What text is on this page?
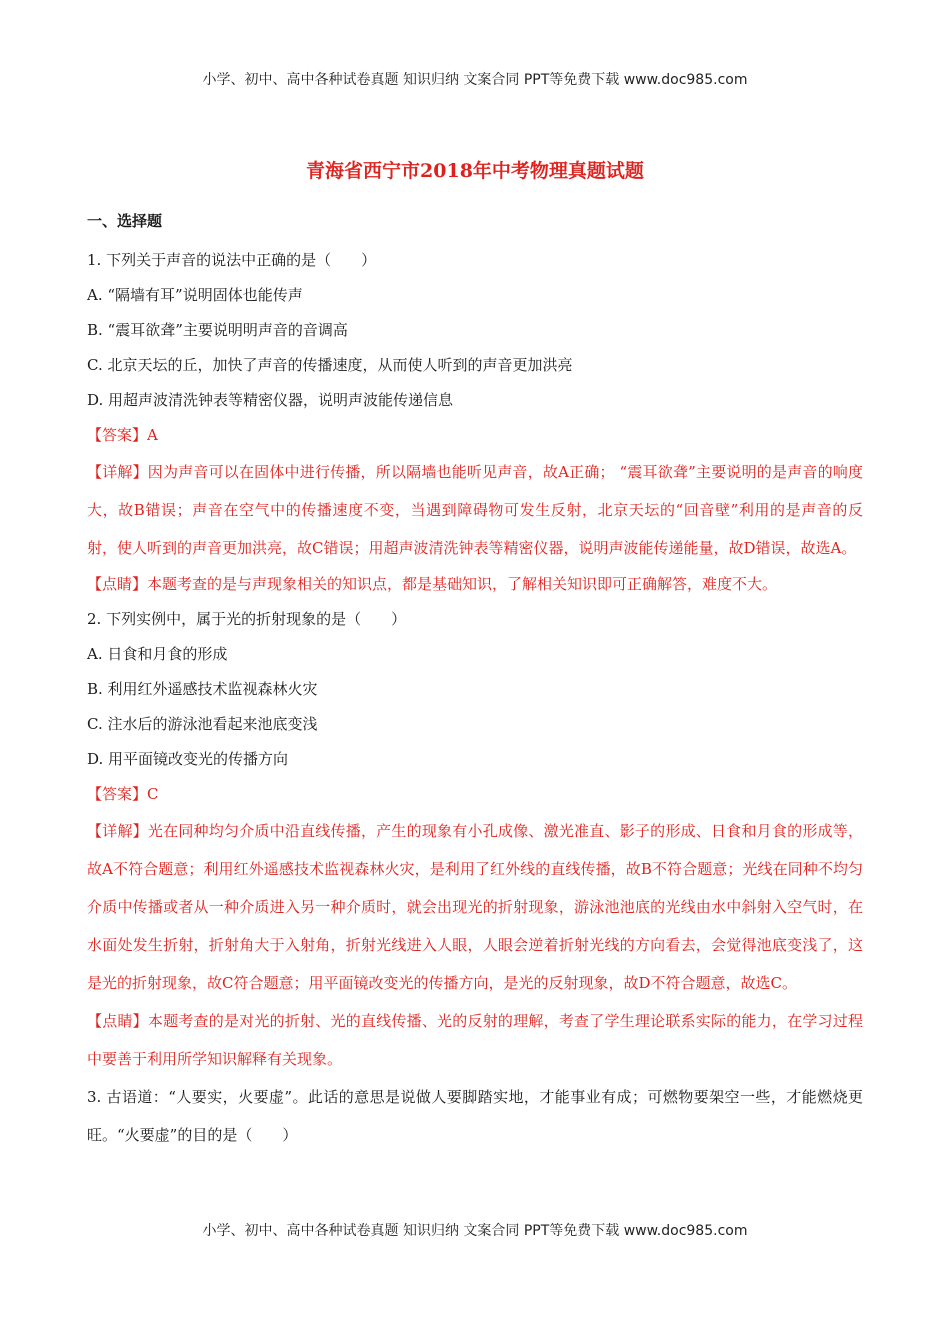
小学、初中、高中各种试卷真题 知识归纳 文案合同 PPT等免费下载 www.doc985.com
青海省西宁市2018年中考物理真题试题
一、选择题
1. 下列关于声音的说法中正确的是（　　）
A. “隔墙有耳”说明固体也能传声
B. “震耳欲聋”主要说明明声音的音调高
C. 北京天坛的丘，加快了声音的传播速度，从而使人听到的声音更加洪亮
D. 用超声波清洗钟表等精密仪器，说明声波能传递信息
【答案】A
【详解】因为声音可以在固体中进行传播，所以隔墙也能听见声音，故A正确； “震耳欲聋”主要说明的是声音的响度大，故B错误；声音在空气中的传播速度不变，当遇到障碍物可发生反射，北京天坛的“回音壁”利用的是声音的反射，使人听到的声音更加洪亮，故C错误；用超声波清洗钟表等精密仪器，说明声波能传递能量，故D错误，故选A。
【点睛】本题考查的是与声现象相关的知识点，都是基础知识，了解相关知识即可正确解答，难度不大。
2. 下列实例中，属于光的折射现象的是（　　）
A. 日食和月食的形成
B. 利用红外遥感技术监视森林火灾
C. 注水后的游泳池看起来池底变浅
D. 用平面镜改变光的传播方向
【答案】C
【详解】光在同种均匀介质中沿直线传播，产生的现象有小孔成像、激光准直、影子的形成、日食和月食的形成等，故A不符合题意；利用红外遥感技术监视森林火灾，是利用了红外线的直线传播，故B不符合题意；光线在同种不均匀介质中传播或者从一种介质进入另一种介质时，就会出现光的折射现象，游泳池池底的光线由水中斜射入空气时，在水面处发生折射，折射角大于入射角，折射光线进入人眼，人眼会逆着折射光线的方向看去，会觉得池底变浅了，这是光的折射现象，故C符合题意；用平面镜改变光的传播方向，是光的反射现象，故D不符合题意，故选C。
【点睛】本题考查的是对光的折射、光的直线传播、光的反射的理解，考查了学生理论联系实际的能力，在学习过程中要善于利用所学知识解释有关现象。
3. 古语道：“人要实，火要虚”。此话的意思是说做人要脚踏实地，才能事业有成；可燃物要架空一些，才能燃烧更旺。“火要虚”的目的是（　　）
小学、初中、高中各种试卷真题 知识归纳 文案合同 PPT等免费下载 www.doc985.com
